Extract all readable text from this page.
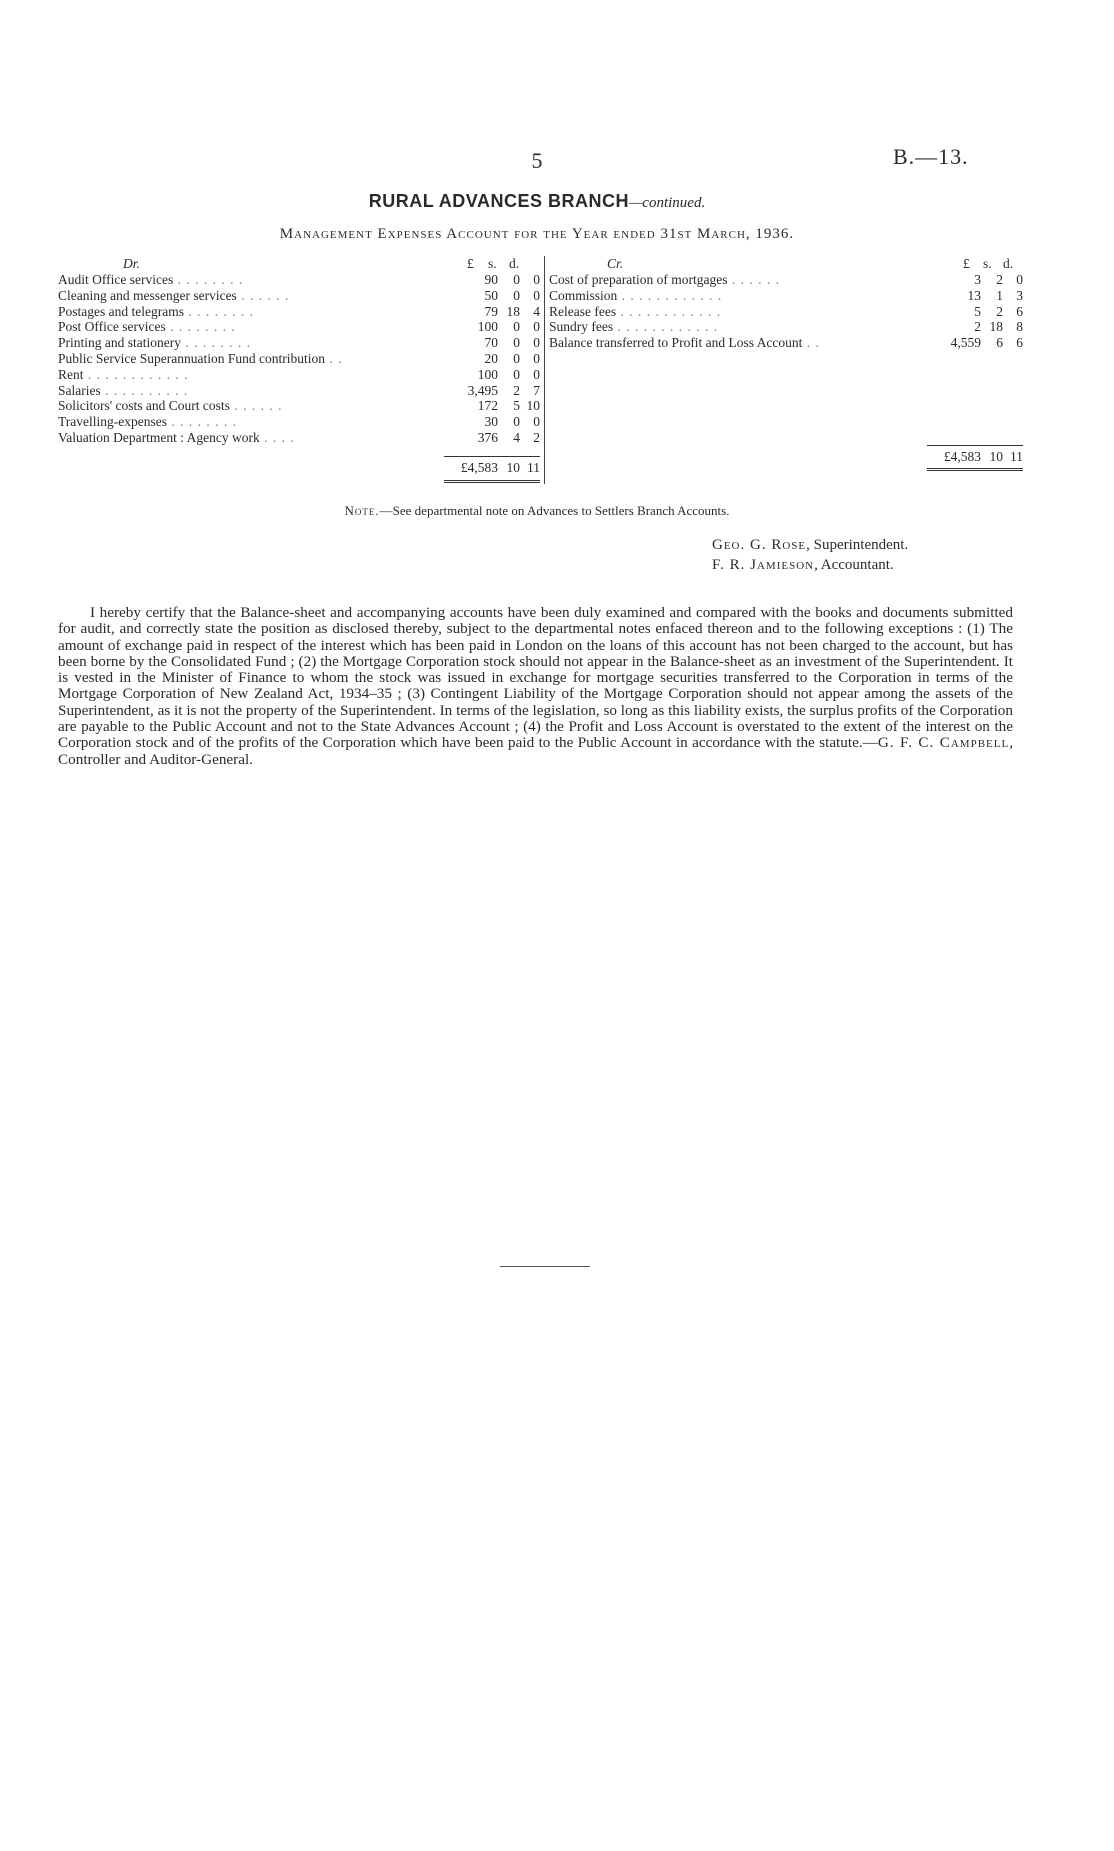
5	B.—13.
RURAL ADVANCES BRANCH—continued.
Management Expenses Account for the Year ended 31st March, 1936.
Dr.	£ s. d.
Audit Office services . . . . . . . .	90	0 0
Cleaning and messenger services . . . . . .	50	0 0
Postages and telegrams . . . . . . . .	79 18 4
Post Office services . . . . . . . .	100	0 0
Printing and stationery . . . . . . . .	70	0 0
Public Service Superannuation Fund contribution . .	20	0 0
Rent . . . . . . . . . . . .	100	0 0
Salaries . . . . . . . . . .	3,495	2 7
Solicitors' costs and Court costs . . . . . .	172	5 10
Travelling-expenses . . . . . . . .	30	0 0
Valuation Department : Agency work . . . .	376	4 2
£4,583 10 11
Cr.	£ s. d.
Cost of preparation of mortgages . . . . . .	3	2 0
Commission . . . . . . . . . . . .	13	1 3
Release fees . . . . . . . . . . . .	5	2 6
Sundry fees . . . . . . . . . . . .	2 18 8
Balance transferred to Profit and Loss Account . .	4,559	6 6
£4,583 10 11
Note.—See departmental note on Advances to Settlers Branch Accounts.
Geo. G. Rose, Superintendent.
F. R. Jamieson, Accountant.
I hereby certify that the Balance-sheet and accompanying accounts have been duly examined and compared with the books and documents submitted for audit, and correctly state the position as disclosed thereby, subject to the departmental notes enfaced thereon and to the following exceptions : (1) The amount of exchange paid in respect of the interest which has been paid in London on the loans of this account has not been charged to the account, but has been borne by the Consolidated Fund ; (2) the Mortgage Corporation stock should not appear in the Balance-sheet as an investment of the Superintendent. It is vested in the Minister of Finance to whom the stock was issued in exchange for mortgage securities transferred to the Corporation in terms of the Mortgage Corporation of New Zealand Act, 1934–35 ; (3) Contingent Liability of the Mortgage Corporation should not appear among the assets of the Superintendent, as it is not the property of the Superintendent. In terms of the legislation, so long as this liability exists, the surplus profits of the Corporation are payable to the Public Account and not to the State Advances Account ; (4) the Profit and Loss Account is overstated to the extent of the interest on the Corporation stock and of the profits of the Corporation which have been paid to the Public Account in accordance with the statute.—G. F. C. Campbell, Controller and Auditor-General.
